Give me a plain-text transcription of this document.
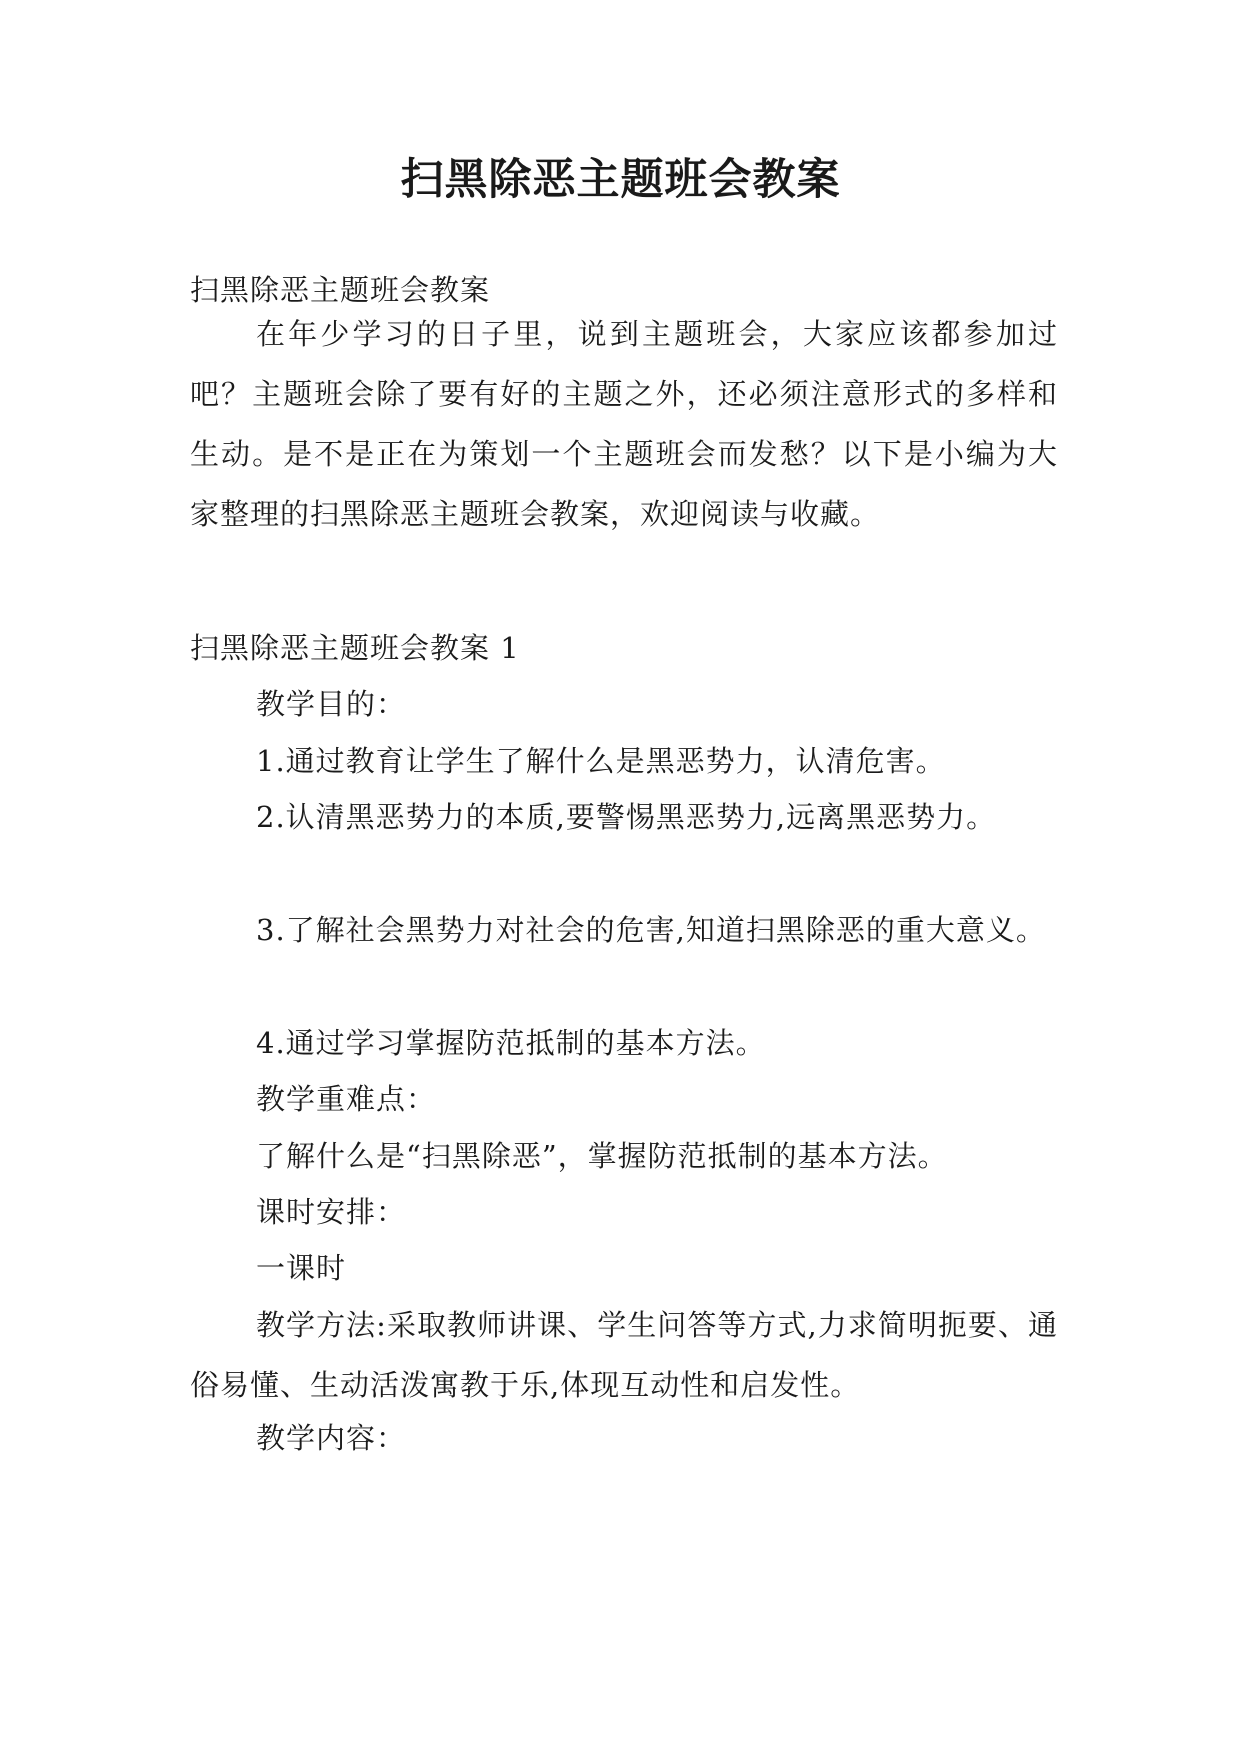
扫黑除恶主题班会教案

扫黑除恶主题班会教案

在年少学习的日子里，说到主题班会，大家应该都参加过吧？主题班会除了要有好的主题之外，还必须注意形式的多样和生动。是不是正在为策划一个主题班会而发愁？以下是小编为大家整理的扫黑除恶主题班会教案，欢迎阅读与收藏。

扫黑除恶主题班会教案 1

教学目的：

1.通过教育让学生了解什么是黑恶势力，认清危害。

2.认清黑恶势力的本质,要警惕黑恶势力,远离黑恶势力。

3.了解社会黑势力对社会的危害,知道扫黑除恶的重大意义。

4.通过学习掌握防范抵制的基本方法。

教学重难点：

了解什么是“扫黑除恶”，掌握防范抵制的基本方法。

课时安排：

一课时

教学方法:采取教师讲课、学生问答等方式,力求简明扼要、通俗易懂、生动活泼寓教于乐,体现互动性和启发性。

教学内容：
